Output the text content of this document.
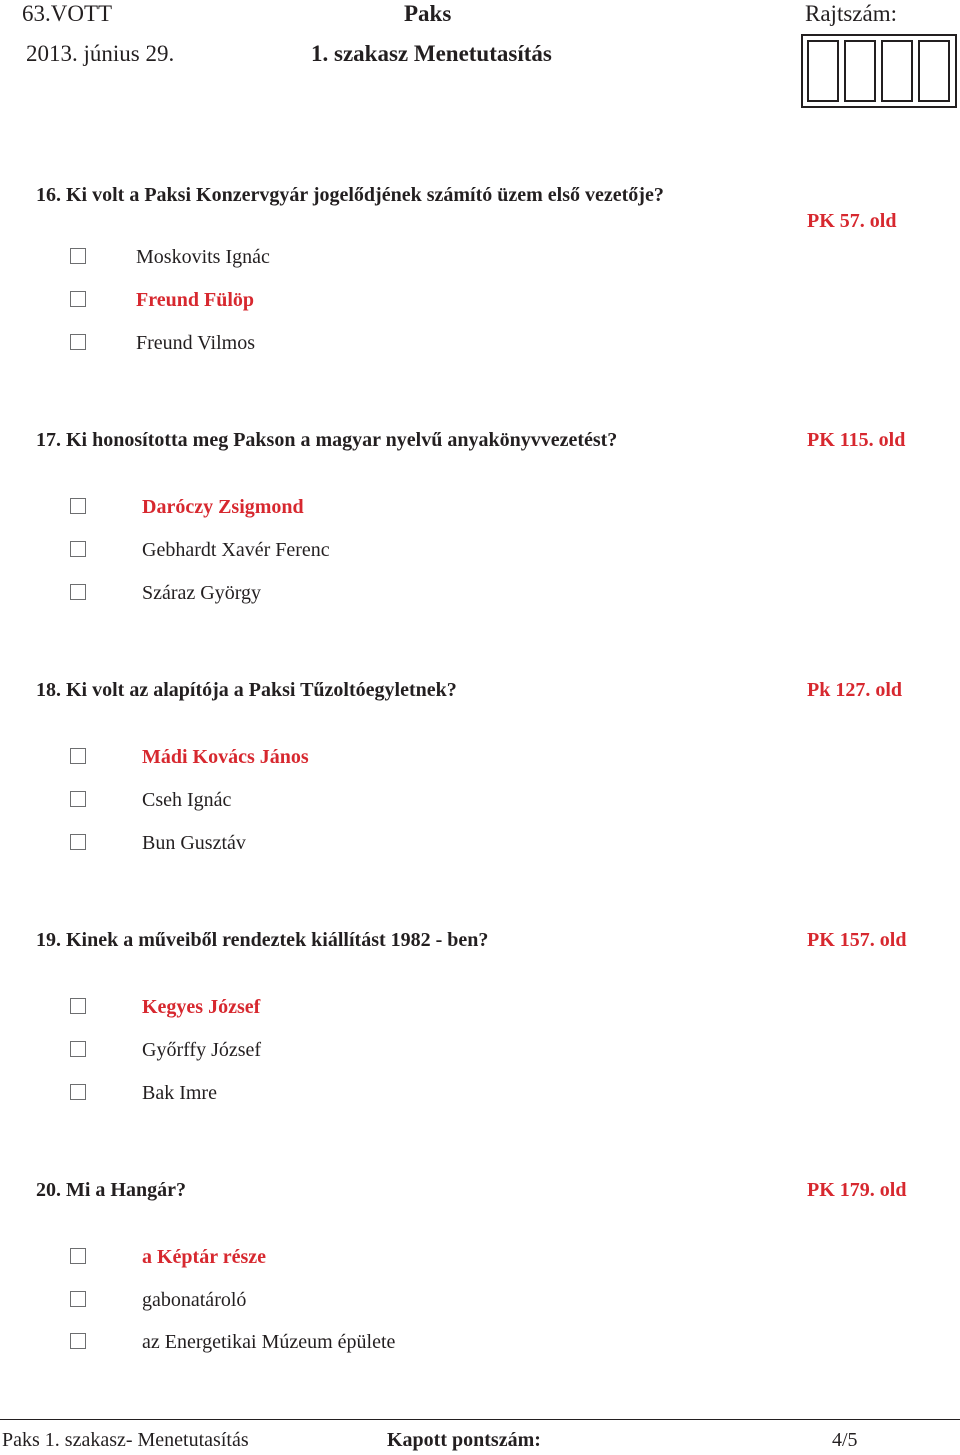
63.VOTT
2013. június 29.
Paks
1. szakasz Menetutasítás
Rajtszám:
16. Ki volt a Paksi Konzervgyár jogelődjének számító üzem első vezetője?
PK 57. old
Moskovits Ignác
Freund Fülöp
Freund Vilmos
17. Ki honosította meg Pakson a magyar nyelvű anyakönyvvezetést?	PK 115. old
Daróczy Zsigmond
Gebhardt Xavér Ferenc
Száraz György
18. Ki volt az alapítója a Paksi Tűzoltóegyletnek?	Pk 127. old
Mádi Kovács János
Cseh Ignác
Bun Gusztáv
19. Kinek a műveiből rendeztek kiállítást 1982 - ben?	PK 157. old
Kegyes József
Győrffy József
Bak Imre
20. Mi a Hangár?	PK 179. old
a Képtár része
gabonatároló
az Energetikai Múzeum épülete
Paks 1. szakasz- Menetutasítás	Kapott pontszám:	4/5
